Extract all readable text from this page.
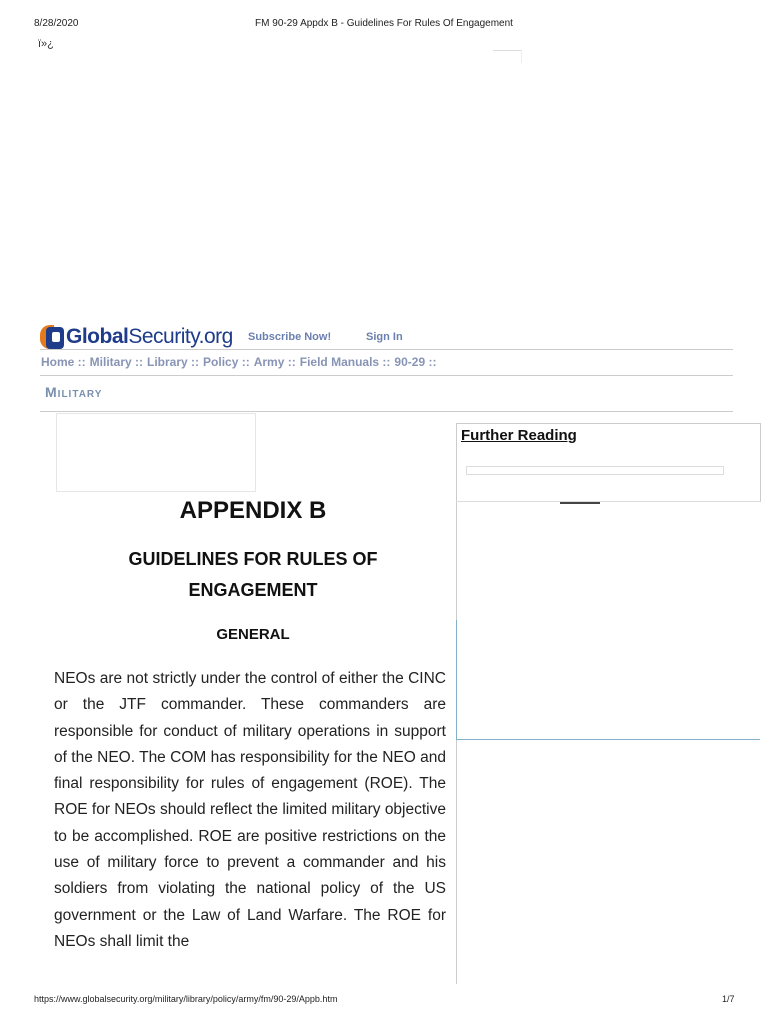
8/28/2020	FM 90-29 Appdx B - Guidelines For Rules Of Engagement
ï»¿
GlobalSecurity.org Subscribe Now!	Sign In
Home :: Military :: Library :: Policy :: Army :: Field Manuals :: 90-29 ::
Military
APPENDIX B
GUIDELINES FOR RULES OF
ENGAGEMENT
GENERAL
NEOs are not strictly under the control of either the CINC or the JTF commander. These commanders are responsible for conduct of military operations in support of the NEO. The COM has responsibility for the NEO and final responsibility for rules of engagement (ROE). The ROE for NEOs should reflect the limited military objective to be accomplished. ROE are positive restrictions on the use of military force to prevent a commander and his soldiers from violating the national policy of the US government or the Law of Land Warfare. The ROE for NEOs shall limit the
Further Reading
https://www.globalsecurity.org/military/library/policy/army/fm/90-29/Appb.htm	1/7
